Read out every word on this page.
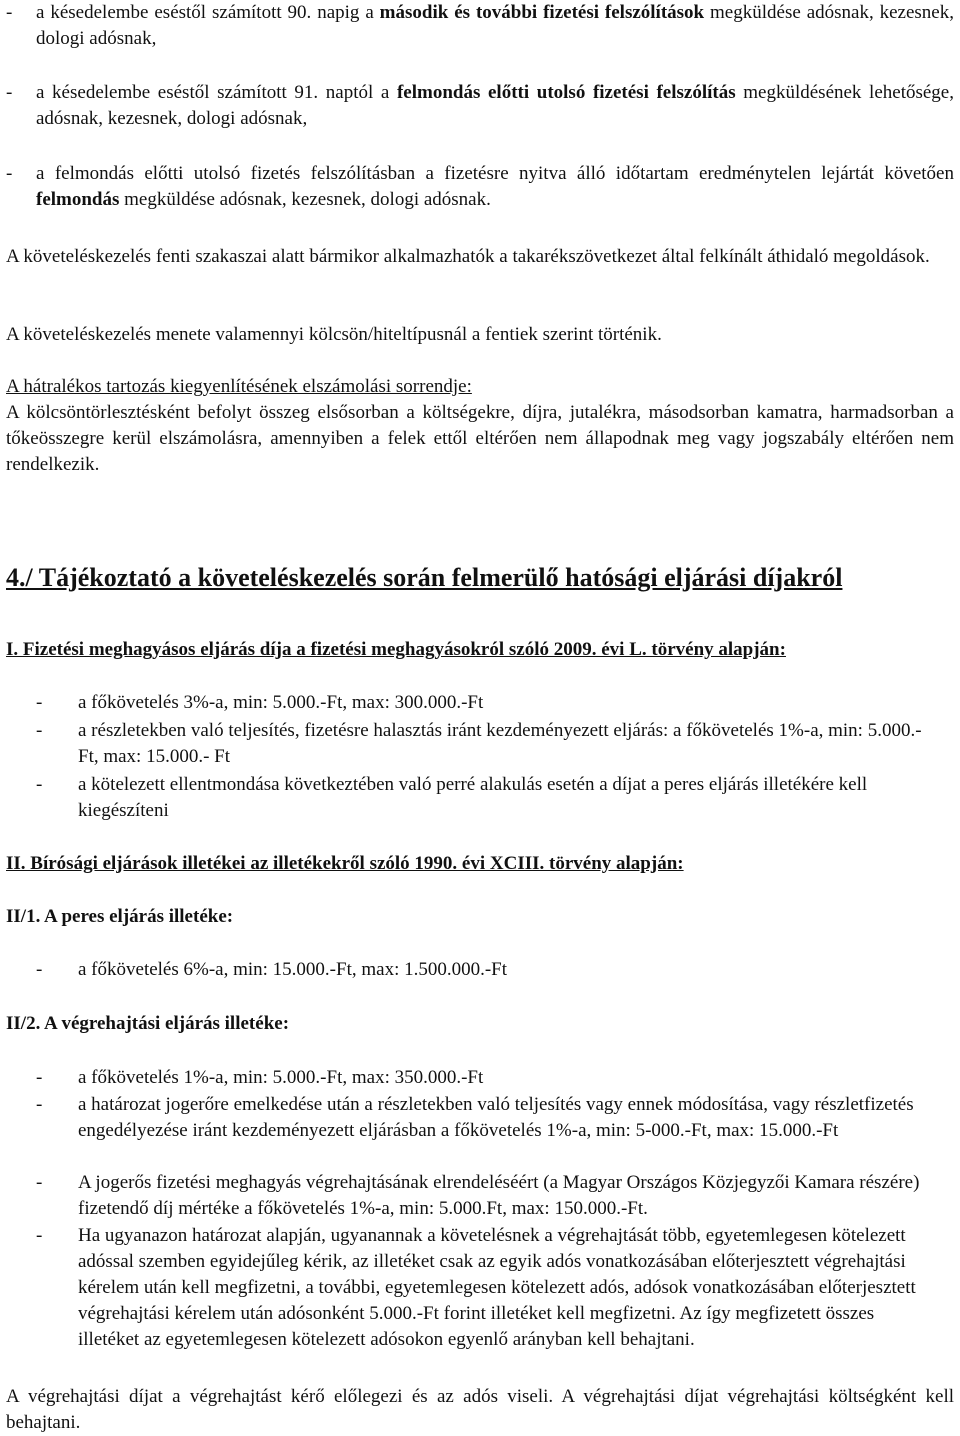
-	a késedelembe eséstől számított 90. napig a második és további fizetési felszólítások megküldése adósnak, kezesnek, dologi adósnak,
-	a késedelembe eséstől számított 91. naptól a felmondás előtti utolsó fizetési felszólítás megküldésének lehetősége, adósnak, kezesnek, dologi adósnak,
-	a felmondás előtti utolsó fizetés felszólításban a fizetésre nyitva álló időtartam eredménytelen lejártát követően felmondás megküldése adósnak, kezesnek, dologi adósnak.

A követeléskezelés fenti szakaszai alatt bármikor alkalmazhatók a takarékszövetkezet által felkínált áthidaló megoldások.

A követeléskezelés menete valamennyi kölcsön/hiteltípusnál a fentiek szerint történik.

A hátralékos tartozás kiegyenlítésének elszámolási sorrendje:
A kölcsöntörlesztésként befolyt összeg elsősorban a költségekre, díjra, jutalékra, másodsorban kamatra, harmadsorban a tőkeösszegre kerül elszámolásra, amennyiben a felek ettől eltérően nem állapodnak meg vagy jogszabály eltérően nem rendelkezik.
4./ Tájékoztató a követeléskezelés során felmerülő hatósági eljárási díjakról
I. Fizetési meghagyásos eljárás díja a fizetési meghagyásokról szóló 2009. évi L. törvény alapján:
-	a főkövetelés 3%-a, min: 5.000.-Ft, max: 300.000.-Ft
-	a részletekben való teljesítés, fizetésre halasztás iránt kezdeményezett eljárás: a főkövetelés 1%-a, min: 5.000.-Ft, max: 15.000.- Ft
-	a kötelezett ellentmondása következtében való perré alakulás esetén a díjat a peres eljárás illetékére kell kiegészíteni
II. Bírósági eljárások illetékei az illetékekről szóló 1990. évi XCIII. törvény alapján:
II/1. A peres eljárás illetéke:
-	a főkövetelés 6%-a, min: 15.000.-Ft, max: 1.500.000.-Ft
II/2. A végrehajtási eljárás illetéke:
-	a főkövetelés 1%-a, min: 5.000.-Ft, max: 350.000.-Ft
-	a határozat jogerőre emelkedése után a részletekben való teljesítés vagy ennek módosítása, vagy részletfizetés engedélyezése iránt kezdeményezett eljárásban a főkövetelés 1%-a, min: 5-000.-Ft, max: 15.000.-Ft
-	A jogerős fizetési meghagyás végrehajtásának elrendeléséért (a Magyar Országos Közjegyzői Kamara részére) fizetendő díj mértéke a főkövetelés 1%-a, min: 5.000.Ft, max: 150.000.-Ft.
-	Ha ugyanazon határozat alapján, ugyanannak a követelésnek a végrehajtását több, egyetemlegesen kötelezett adóssal szemben egyidejűleg kérik, az illetéket csak az egyik adós vonatkozásában előterjesztett végrehajtási kérelem után kell megfizetni, a további, egyetemlegesen kötelezett adós, adósok vonatkozásában előterjesztett végrehajtási kérelem után adósonként 5.000.-Ft forint illetéket kell megfizetni. Az így megfizetett összes illetéket az egyetemlegesen kötelezett adósokon egyenlő arányban kell behajtani.

A végrehajtási díjat a végrehajtást kérő előlegezi és az adós viseli. A végrehajtási díjat végrehajtási költségként kell behajtani.
